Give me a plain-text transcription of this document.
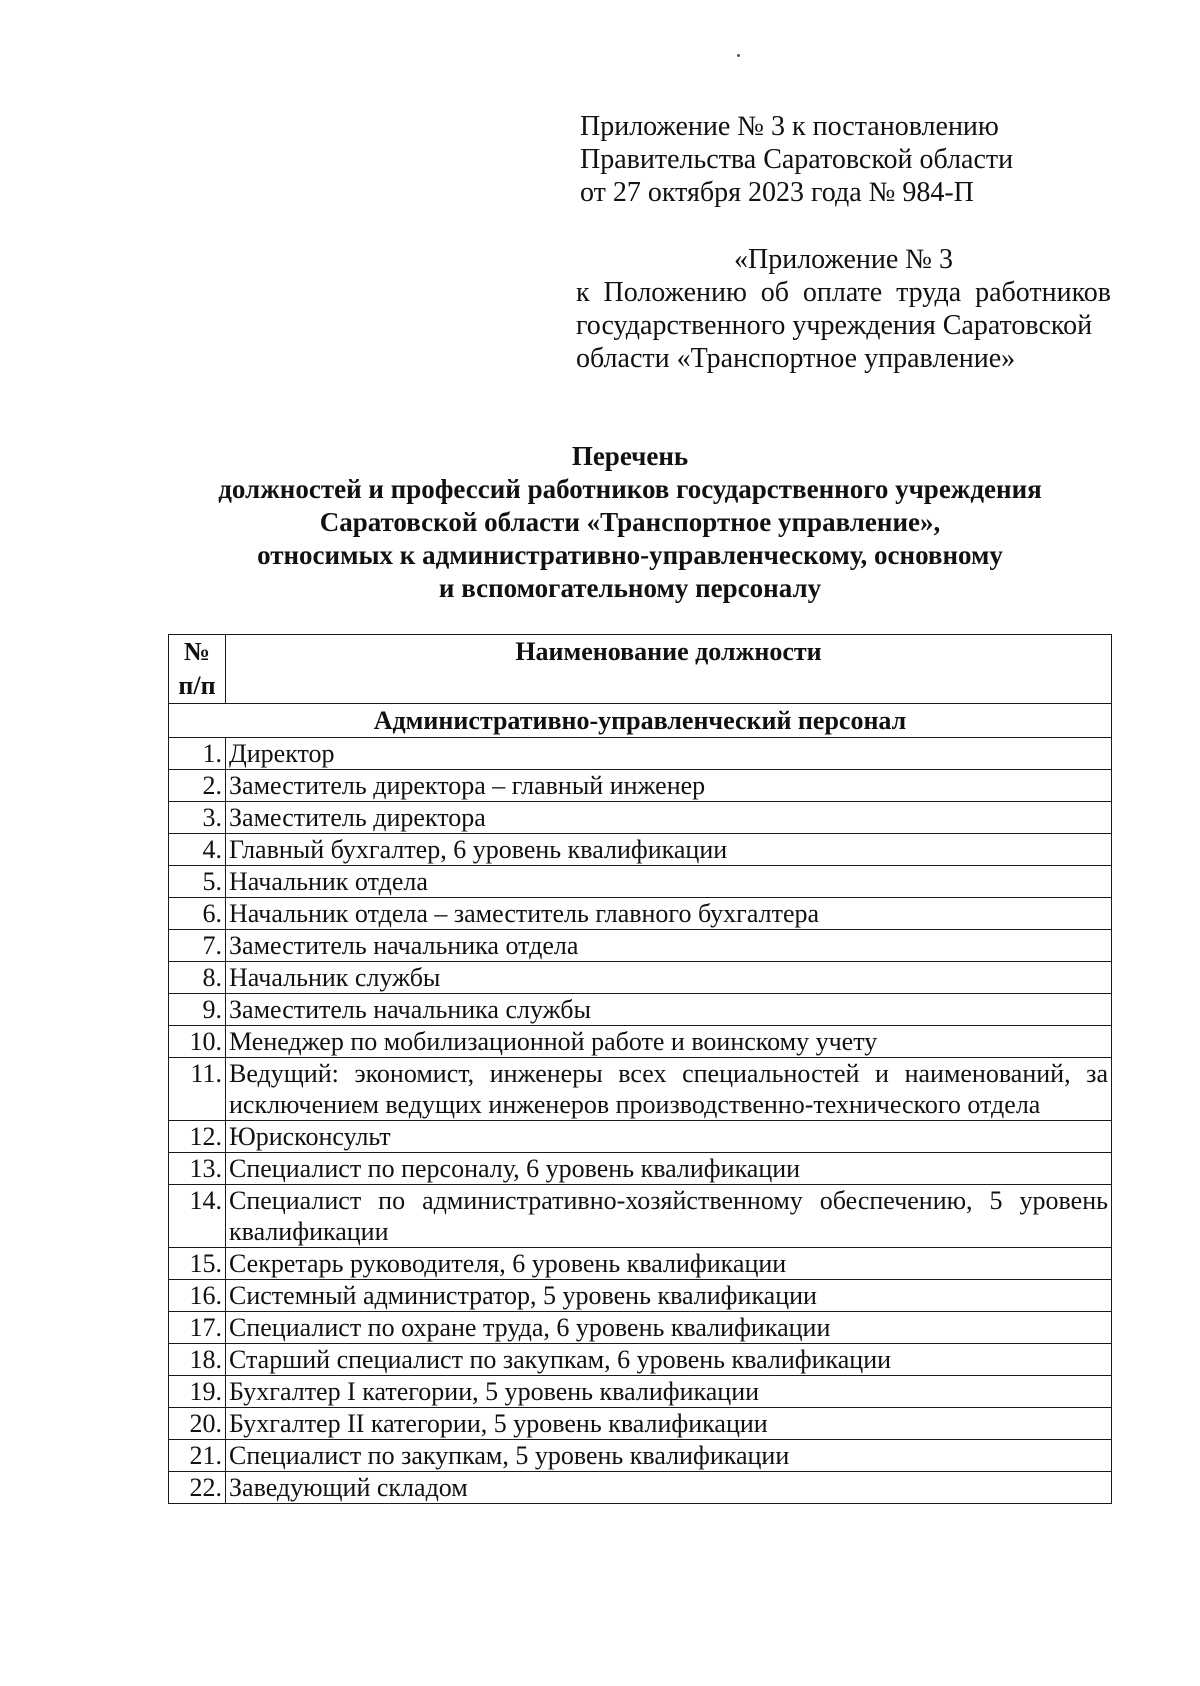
Приложение № 3 к постановлению
Правительства Саратовской области
от 27 октября 2023 года № 984-П
«Приложение № 3
к Положению об оплате труда работников
государственного учреждения Саратовской
области «Транспортное управление»
Перечень
должностей и профессий работников государственного учреждения
Саратовской области «Транспортное управление»,
относимых к административно-управленческому, основному
и вспомогательному персоналу
№
п/п	Наименование должности
Административно-управленческий персонал	
1.	Директор
2.	Заместитель директора – главный инженер
3.	Заместитель директора
4.	Главный бухгалтер, 6 уровень квалификации
5.	Начальник отдела
6.	Начальник отдела – заместитель главного бухгалтера
7.	Заместитель начальника отдела
8.	Начальник службы
9.	Заместитель начальника службы
10.	Менеджер по мобилизационной работе и воинскому учету
11.	Ведущий: экономист, инженеры всех специальностей и наименований, за исключением ведущих инженеров производственно-технического отдела
12.	Юрисконсульт
13.	Специалист по персоналу, 6 уровень квалификации
14.	Специалист по административно-хозяйственному обеспечению, 5 уровень квалификации
15.	Секретарь руководителя, 6 уровень квалификации
16.	Системный администратор, 5 уровень квалификации
17.	Специалист по охране труда, 6 уровень квалификации
18.	Старший специалист по закупкам, 6 уровень квалификации
19.	Бухгалтер I категории, 5 уровень квалификации
20.	Бухгалтер II категории, 5 уровень квалификации
21.	Специалист по закупкам, 5 уровень квалификации
22.	Заведующий складом
